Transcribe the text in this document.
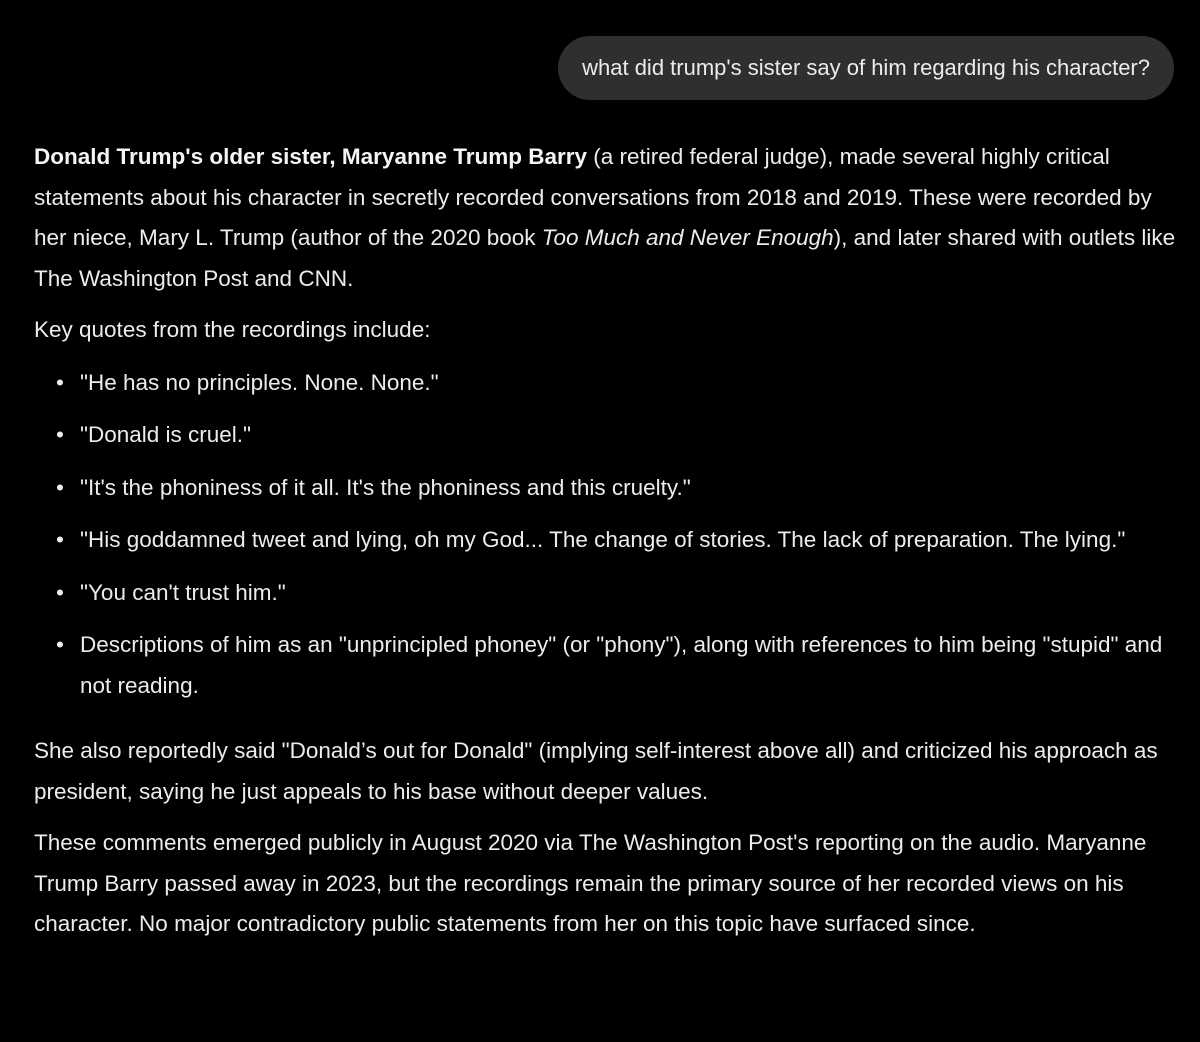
what did trump's sister say of him regarding his character?

Donald Trump's older sister, Maryanne Trump Barry (a retired federal judge), made several highly critical statements about his character in secretly recorded conversations from 2018 and 2019. These were recorded by her niece, Mary L. Trump (author of the 2020 book Too Much and Never Enough), and later shared with outlets like The Washington Post and CNN.

Key quotes from the recordings include:

• "He has no principles. None. None."
• "Donald is cruel."
• "It's the phoniness of it all. It's the phoniness and this cruelty."
• "His goddamned tweet and lying, oh my God... The change of stories. The lack of preparation. The lying."
• "You can't trust him."
• Descriptions of him as an "unprincipled phoney" (or "phony"), along with references to him being "stupid" and not reading.

She also reportedly said "Donald’s out for Donald" (implying self-interest above all) and criticized his approach as president, saying he just appeals to his base without deeper values.

These comments emerged publicly in August 2020 via The Washington Post's reporting on the audio. Maryanne Trump Barry passed away in 2023, but the recordings remain the primary source of her recorded views on his character. No major contradictory public statements from her on this topic have surfaced since.
